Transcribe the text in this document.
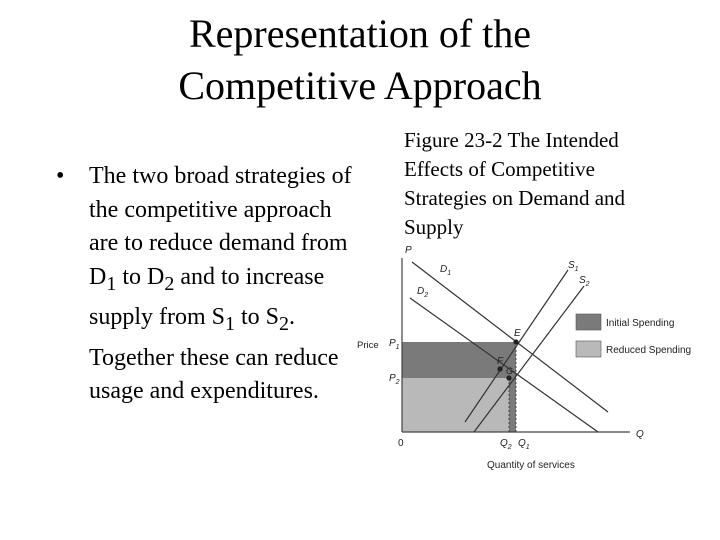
Representation of the
Competitive Approach
• The two broad strategies of the competitive approach are to reduce demand from $D_1$ to $D_2$ and to increase supply from $S_1$ to $S_2$. Together these can reduce usage and expenditures.
Figure 23-2 The Intended
Effects of Competitive
Strategies on Demand and
Supply
P
Q
0
Price
Quantity of services
$P_1$
$P_2$
$Q_2$ $Q_1$
$D_1$
$D_2$
$S_1$
$S_2$
E
F
G
Initial Spending
Reduced Spending
